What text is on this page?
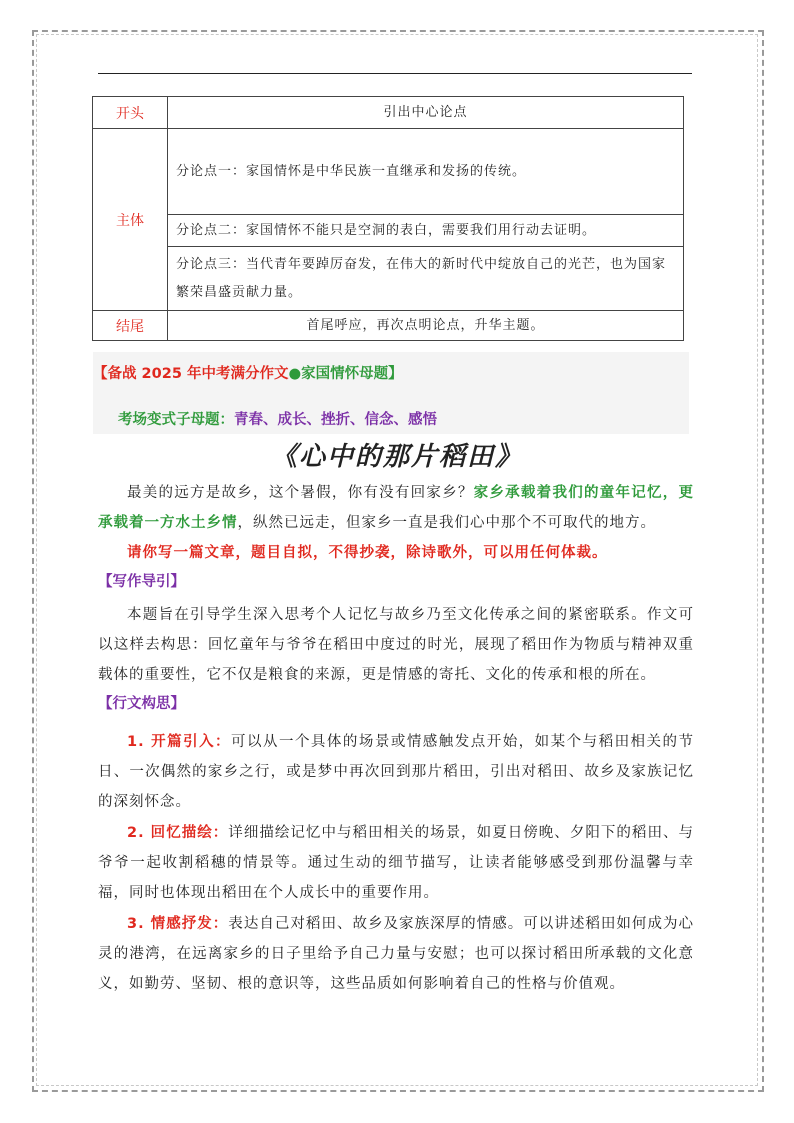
开头	引出中心论点
主体	分论点一：家国情怀是中华民族一直继承和发扬的传统。
	分论点二：家国情怀不能只是空洞的表白，需要我们用行动去证明。
	分论点三：当代青年要踔厉奋发，在伟大的新时代中绽放自己的光芒，也为国家繁荣昌盛贡献力量。
结尾	首尾呼应，再次点明论点，升华主题。
【备战 2025 年中考满分作文●家国情怀母题】
考场变式子母题：青春、成长、挫折、信念、感悟
《心中的那片稻田》
最美的远方是故乡，这个暑假，你有没有回家乡？家乡承载着我们的童年记忆，更承载着一方水土乡情，纵然已远走，但家乡一直是我们心中那个不可取代的地方。
请你写一篇文章，题目自拟，不得抄袭，除诗歌外，可以用任何体裁。
【写作导引】
本题旨在引导学生深入思考个人记忆与故乡乃至文化传承之间的紧密联系。作文可以这样去构思：回忆童年与爷爷在稻田中度过的时光，展现了稻田作为物质与精神双重载体的重要性，它不仅是粮食的来源，更是情感的寄托、文化的传承和根的所在。
【行文构思】
1. 开篇引入：可以从一个具体的场景或情感触发点开始，如某个与稻田相关的节日、一次偶然的家乡之行，或是梦中再次回到那片稻田，引出对稻田、故乡及家族记忆的深刻怀念。
2. 回忆描绘：详细描绘记忆中与稻田相关的场景，如夏日傍晚、夕阳下的稻田、与爷爷一起收割稻穗的情景等。通过生动的细节描写，让读者能够感受到那份温馨与幸福，同时也体现出稻田在个人成长中的重要作用。
3. 情感抒发：表达自己对稻田、故乡及家族深厚的情感。可以讲述稻田如何成为心灵的港湾，在远离家乡的日子里给予自己力量与安慰；也可以探讨稻田所承载的文化意义，如勤劳、坚韧、根的意识等，这些品质如何影响着自己的性格与价值观。
